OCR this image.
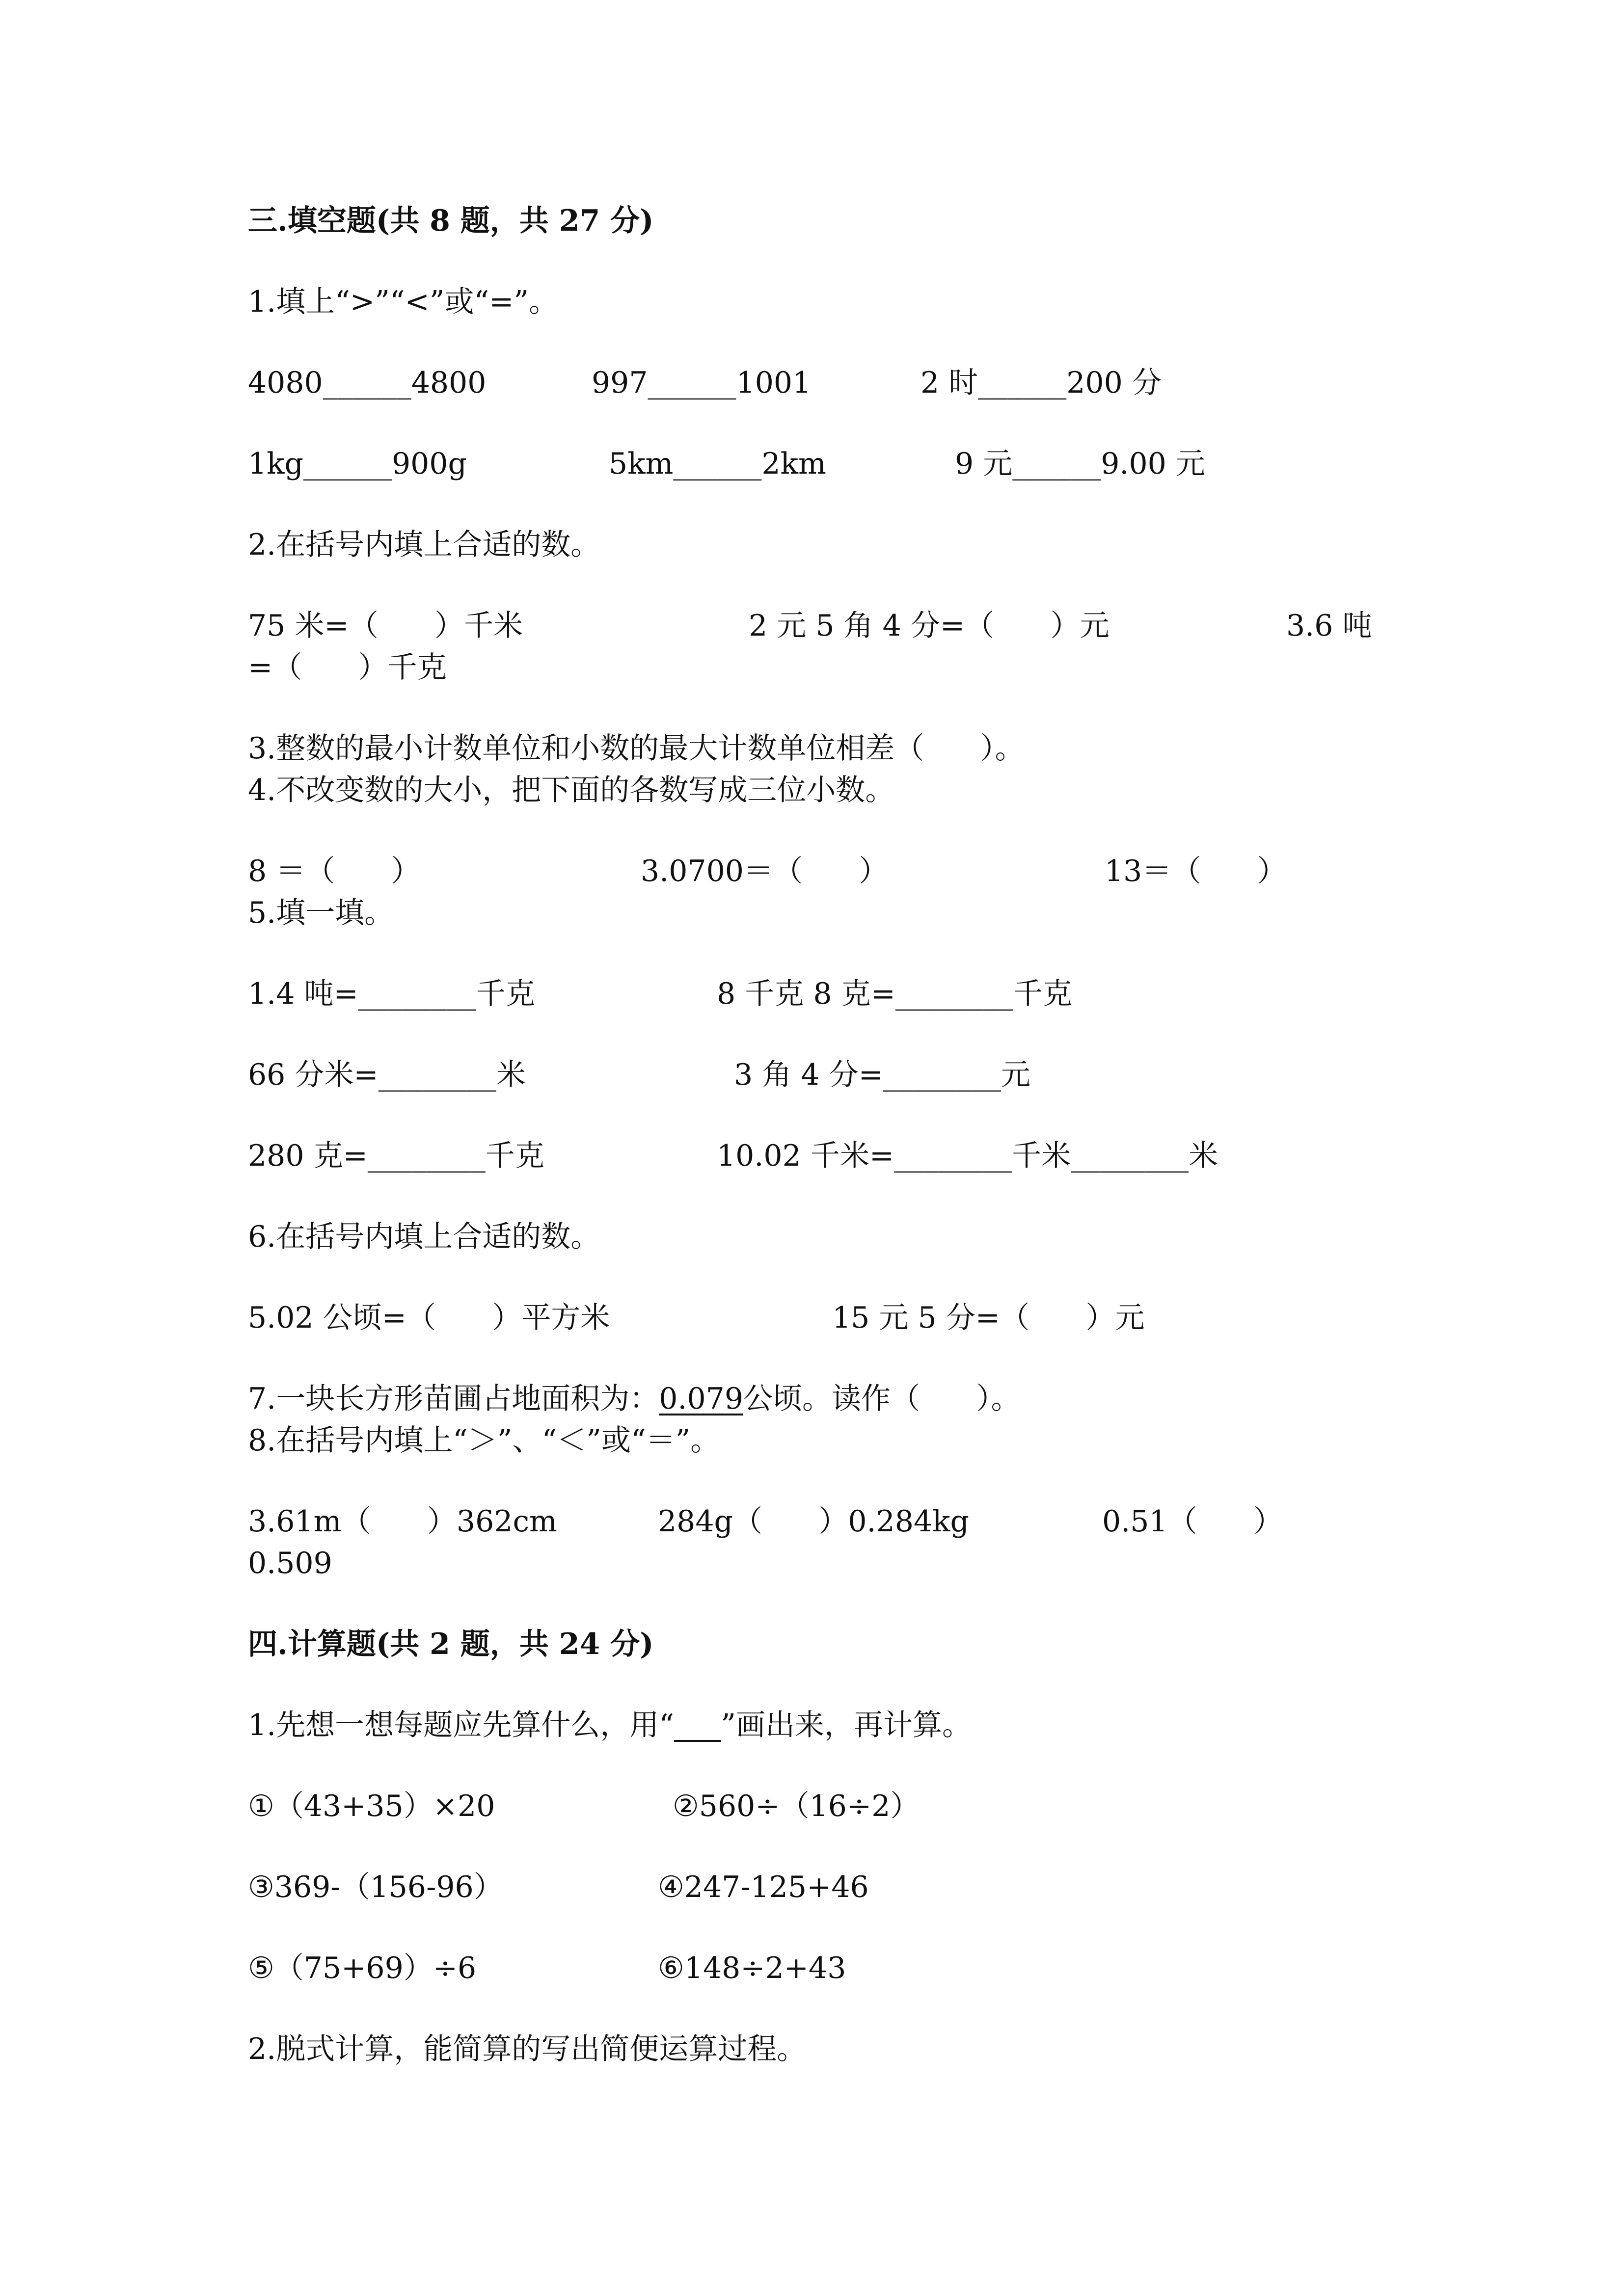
三.填空题(共 8 题，共 27 分)
1.填上“>”“<”或“=”。
4080______4800	997______1001	2 时______200 分
1kg______900g	5km______2km	9 元______9.00 元
2.在括号内填上合适的数。
75 米=（      ）千米	2 元 5 角 4 分=（      ）元	3.6 吨
=（      ）千克
3.整数的最小计数单位和小数的最大计数单位相差（      ）。
4.不改变数的大小，把下面的各数写成三位小数。
8 ＝（      ）	3.0700＝（      ）	13＝（      ）
5.填一填。
1.4 吨=________千克	8 千克 8 克=________千克
66 分米=________米	3 角 4 分=________元
280 克=________千克	10.02 千米=________千米________米
6.在括号内填上合适的数。
5.02 公顷=（      ）平方米	15 元 5 分=（      ）元
7.一块长方形苗圃占地面积为：0.079公顷。读作（      ）。
8.在括号内填上“＞”、“＜”或“＝”。
3.61m（      ）362cm	284g（      ）0.284kg	0.51（      ）
0.509
四.计算题(共 2 题，共 24 分)
1.先想一想每题应先算什么，用“ ”画出来，再计算。
①（43+35）×20	②560÷（16÷2）
③369-（156-96）	④247-125+46
⑤（75+69）÷6	⑥148÷2+43
2.脱式计算，能简算的写出简便运算过程。
